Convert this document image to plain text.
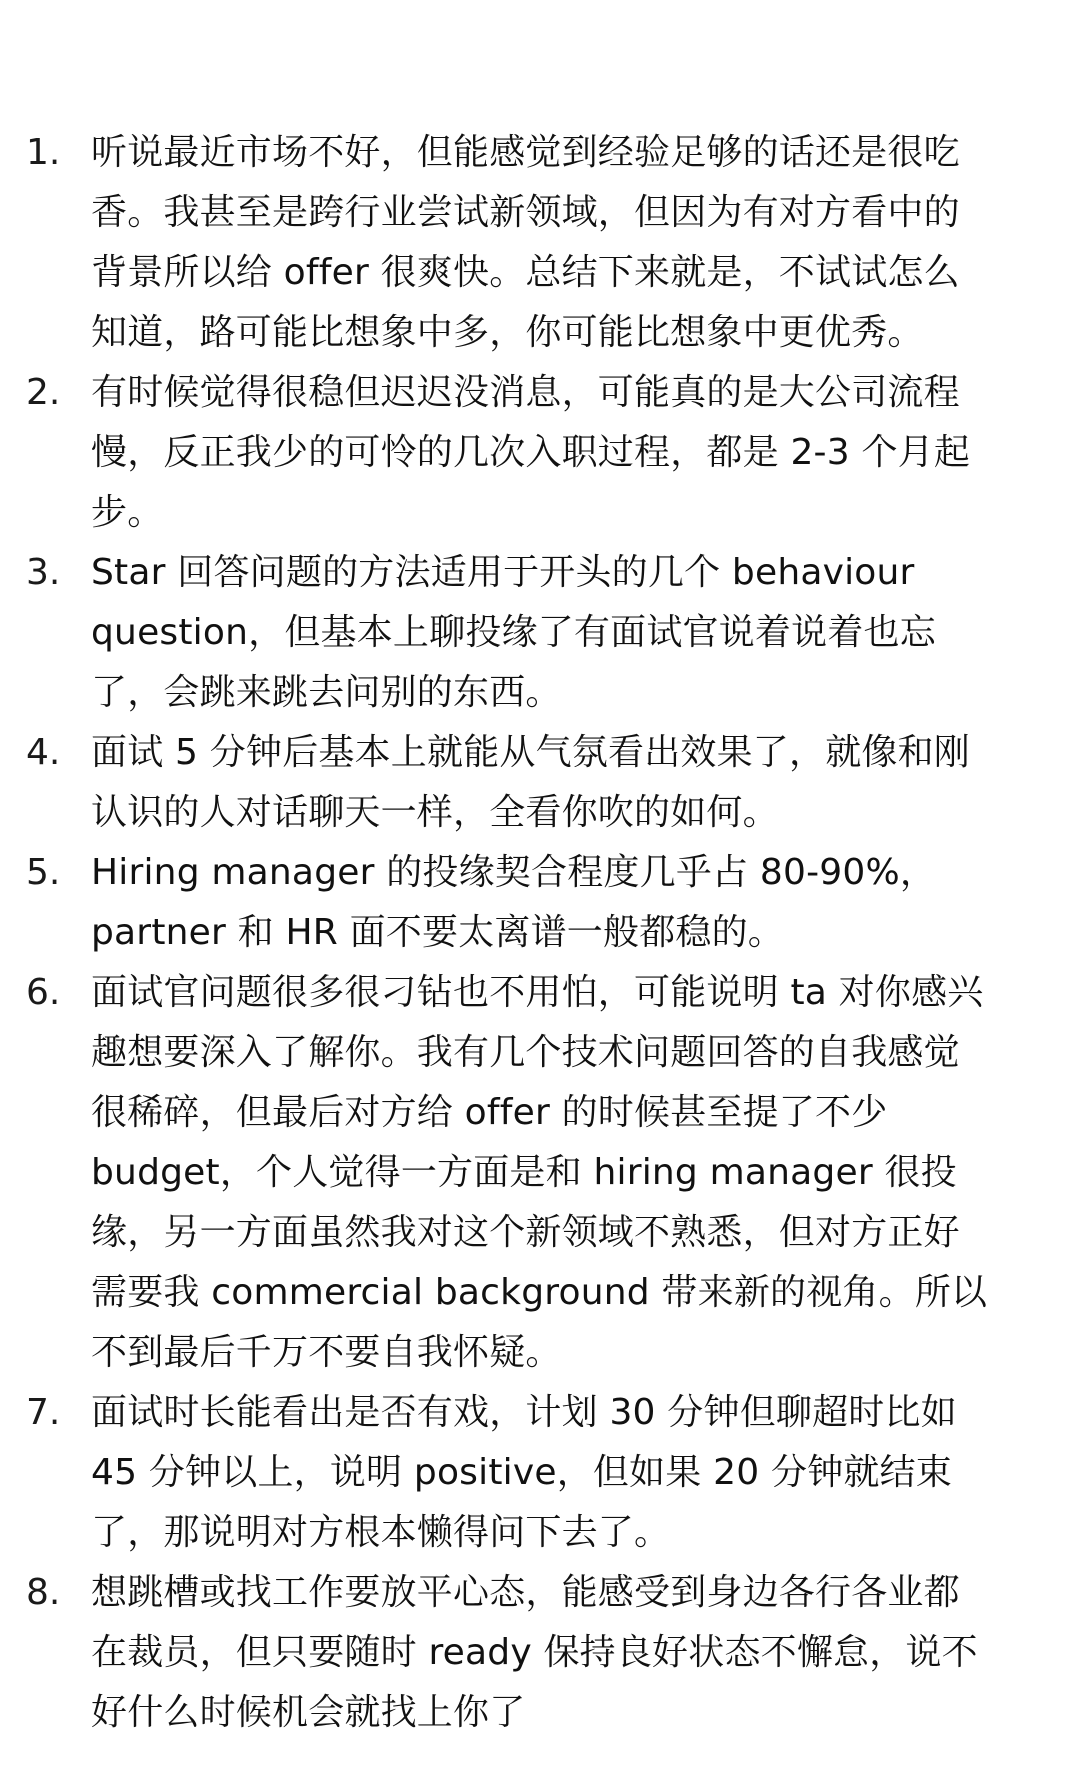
1. 听说最近市场不好，但能感觉到经验足够的话还是很吃
香。我甚至是跨行业尝试新领域，但因为有对方看中的
背景所以给 offer 很爽快。总结下来就是，不试试怎么
知道，路可能比想象中多，你可能比想象中更优秀。
2. 有时候觉得很稳但迟迟没消息，可能真的是大公司流程
慢，反正我少的可怜的几次入职过程，都是 2-3 个月起
步。
3. Star 回答问题的方法适用于开头的几个 behaviour
question，但基本上聊投缘了有面试官说着说着也忘
了，会跳来跳去问别的东西。
4. 面试 5 分钟后基本上就能从气氛看出效果了，就像和刚
认识的人对话聊天一样，全看你吹的如何。
5. Hiring manager 的投缘契合程度几乎占 80-90%，
partner 和 HR 面不要太离谱一般都稳的。
6. 面试官问题很多很刁钻也不用怕，可能说明 ta 对你感兴
趣想要深入了解你。我有几个技术问题回答的自我感觉
很稀碎，但最后对方给 offer 的时候甚至提了不少
budget，个人觉得一方面是和 hiring manager 很投
缘，另一方面虽然我对这个新领域不熟悉，但对方正好
需要我 commercial background 带来新的视角。所以
不到最后千万不要自我怀疑。
7. 面试时长能看出是否有戏，计划 30 分钟但聊超时比如
45 分钟以上，说明 positive，但如果 20 分钟就结束
了，那说明对方根本懒得问下去了。
8. 想跳槽或找工作要放平心态，能感受到身边各行各业都
在裁员，但只要随时 ready 保持良好状态不懈怠，说不
好什么时候机会就找上你了
